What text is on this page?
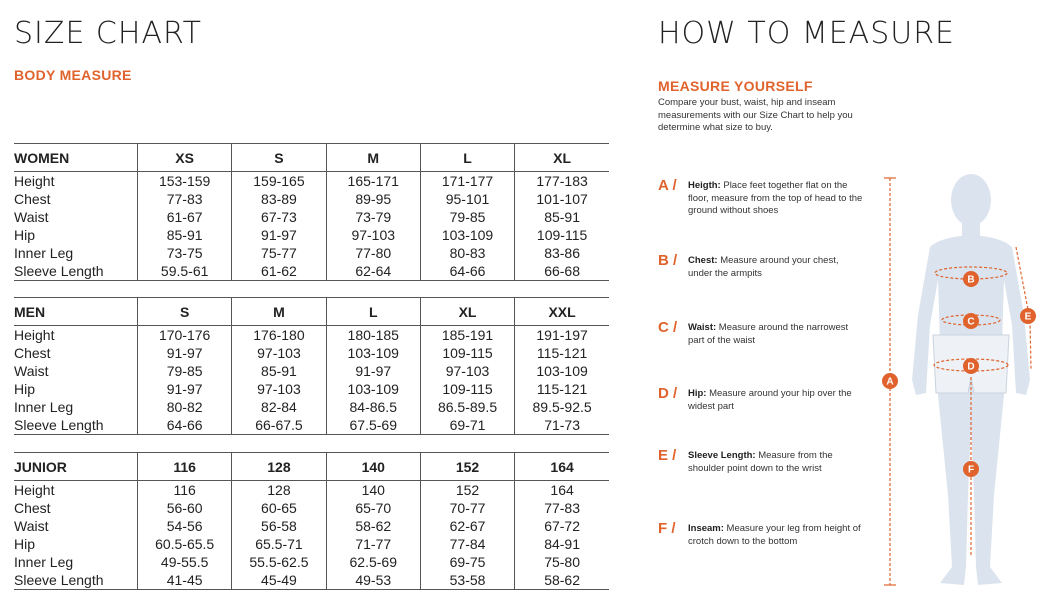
SIZE CHART
BODY MEASURE
WOMEN	XS	S	M	L	XL
Height	153-159	159-165	165-171	171-177	177-183
Chest	77-83	83-89	89-95	95-101	101-107
Waist	61-67	67-73	73-79	79-85	85-91
Hip	85-91	91-97	97-103	103-109	109-115
Inner Leg	73-75	75-77	77-80	80-83	83-86
Sleeve Length	59.5-61	61-62	62-64	64-66	66-68
MEN	S	M	L	XL	XXL
Height	170-176	176-180	180-185	185-191	191-197
Chest	91-97	97-103	103-109	109-115	115-121
Waist	79-85	85-91	91-97	97-103	103-109
Hip	91-97	97-103	103-109	109-115	115-121
Inner Leg	80-82	82-84	84-86.5	86.5-89.5	89.5-92.5
Sleeve Length	64-66	66-67.5	67.5-69	69-71	71-73
JUNIOR	116	128	140	152	164
Height	116	128	140	152	164
Chest	56-60	60-65	65-70	70-77	77-83
Waist	54-56	56-58	58-62	62-67	67-72
Hip	60.5-65.5	65.5-71	71-77	77-84	84-91
Inner Leg	49-55.5	55.5-62.5	62.5-69	69-75	75-80
Sleeve Length	41-45	45-49	49-53	53-58	58-62
HOW TO MEASURE
MEASURE YOURSELF
Compare your bust, waist, hip and inseam measurements with our Size Chart to help you determine what size to buy.
A / Heigth: Place feet together flat on the floor, measure from the top of head to the ground without shoes
B / Chest: Measure around your chest, under the armpits
C / Waist: Measure around the narrowest part of the waist
D / Hip: Measure around your hip over the widest part
E / Sleeve Length: Measure from the shoulder point down to the wrist
F / Inseam: Measure your leg from height of crotch down to the bottom
A
B
C
D
E
F
